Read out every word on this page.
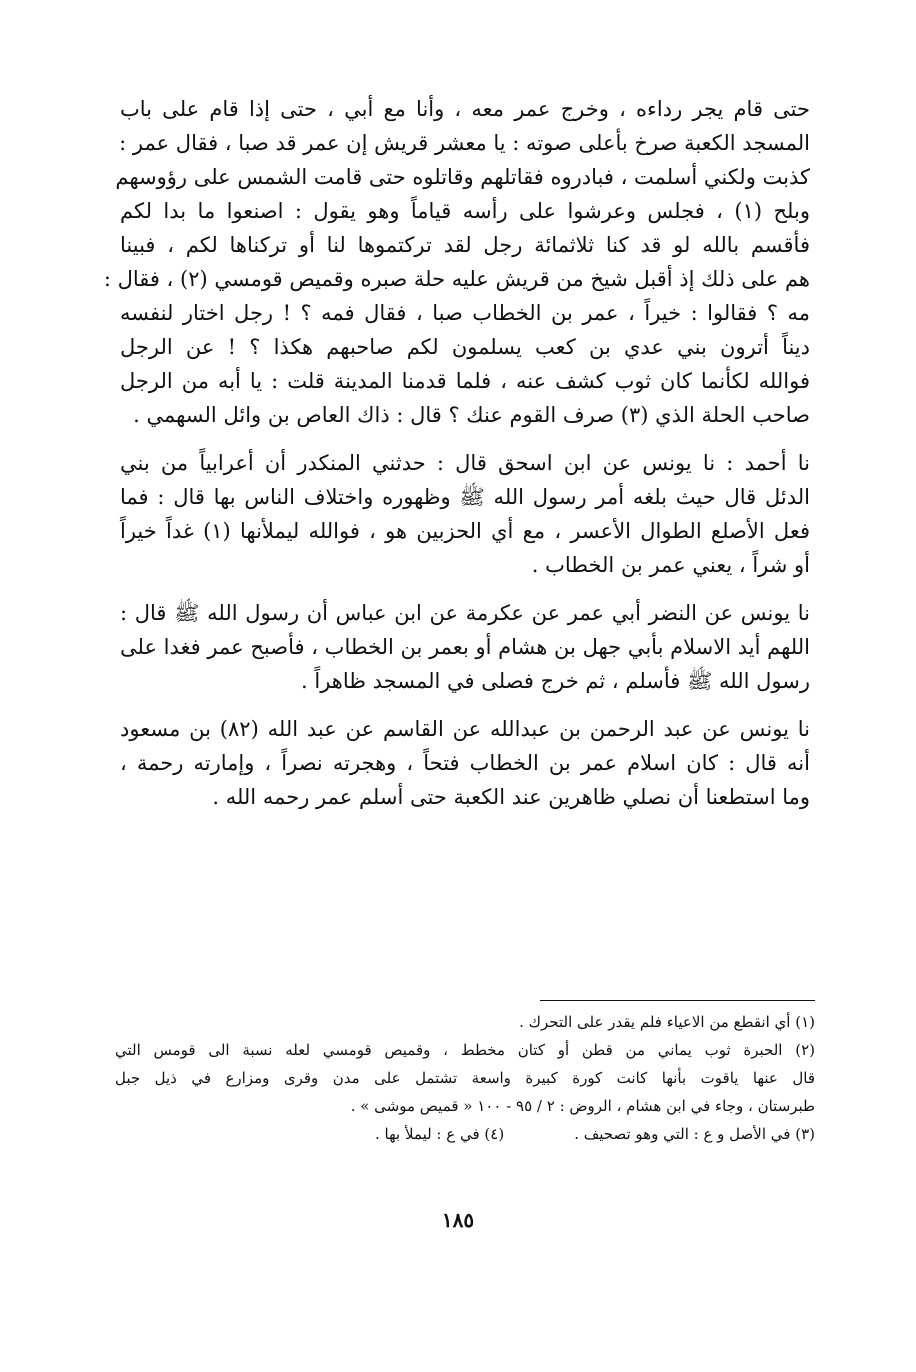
حتى قام يجر رداءه ، وخرج عمر معه ، وأنا مع أبي ، حتى إذا قام على باب
المسجد الكعبة صرخ بأعلى صوته : يا معشر قريش إن عمر قد صبا ، فقال عمر :
كذبت ولكني أسلمت ، فبادروه فقاتلهم وقاتلوه حتى قامت الشمس على رؤوسهم
وبلح (١) ، فجلس وعرشوا على رأسه قياماً وهو يقول : اصنعوا ما بدا لكم
فأقسم بالله لو قد كنا ثلاثمائة رجل لقد تركتموها لنا أو تركناها لكم ، فبينا
هم على ذلك إذ أقبل شيخ من قريش عليه حلة صبره وقميص قومسي (٢) ، فقال :
مه ؟ فقالوا : خيراً ، عمر بن الخطاب صبا ، فقال فمه ؟ ! رجل اختار لنفسه
ديناً أترون بني عدي بن كعب يسلمون لكم صاحبهم هكذا ؟ ! عن الرجل
فوالله لكأنما كان ثوب كشف عنه ، فلما قدمنا المدينة قلت : يا أبه من الرجل
صاحب الحلة الذي (٣) صرف القوم عنك ؟ قال : ذاك العاص بن وائل السهمي .
نا أحمد : نا يونس عن ابن اسحق قال : حدثني المنكدر أن أعرابياً من بني
الدئل قال حيث بلغه أمر رسول الله ﷺ وظهوره واختلاف الناس بها قال : فما
فعل الأصلع الطوال الأعسر ، مع أي الحزبين هو ، فوالله ليملأنها (١) غداً خيراً
أو شراً ، يعني عمر بن الخطاب .
نا يونس عن النضر أبي عمر عن عكرمة عن ابن عباس أن رسول الله ﷺ قال :
اللهم أيد الاسلام بأبي جهل بن هشام أو بعمر بن الخطاب ، فأصبح عمر فغدا على
رسول الله ﷺ فأسلم ، ثم خرج فصلى في المسجد ظاهراً .
نا يونس عن عبد الرحمن بن عبدالله عن القاسم عن عبد الله (٨٢) بن مسعود
أنه قال : كان اسلام عمر بن الخطاب فتحاً ، وهجرته نصراً ، وإمارته رحمة ،
وما استطعنا أن نصلي ظاهرين عند الكعبة حتى أسلم عمر رحمه الله .
(١) أي انقطع من الاعياء فلم يقدر على التحرك .
(٢) الحبرة ثوب يماني من قطن أو كتان مخطط ، وقميص قومسي لعله نسبة الى قومس التي
قال عنها ياقوت بأنها كانت كورة كبيرة واسعة تشتمل على مدن وقرى ومزارع في ذيل جبل
طبرستان ، وجاء في ابن هشام ، الروض : ٢ / ٩٥ - ١٠٠ « قميص موشى » .
(٣) في الأصل و ع : التي وهو تصحيف .(٤) في ع : ليملأ بها .
١٨٥
